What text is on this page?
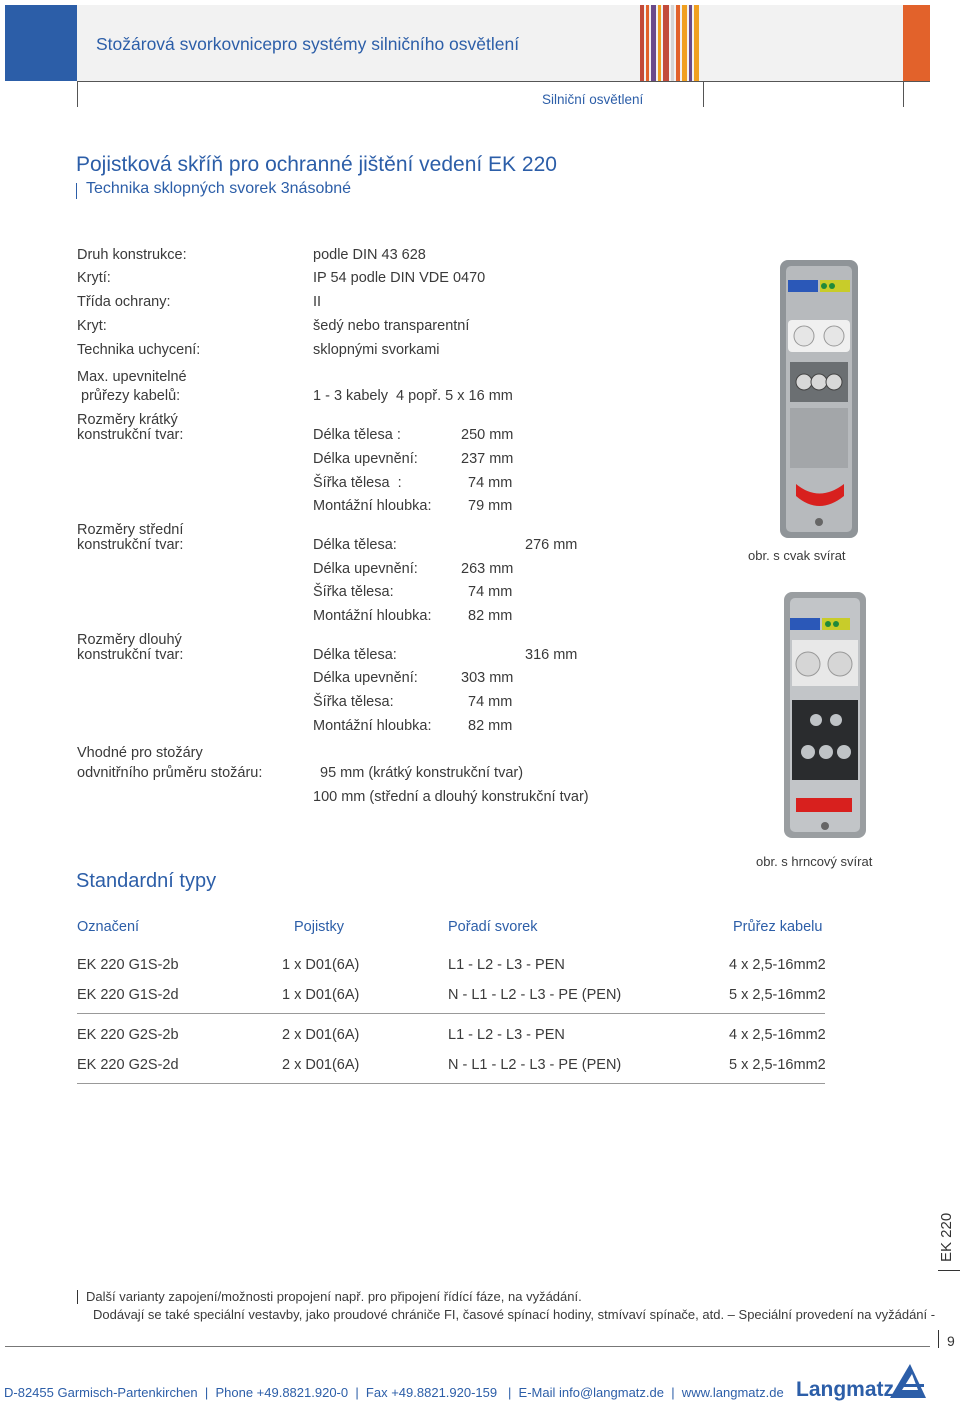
Stožárová svorkovnicepro systémy silničního osvětlení
Silniční osvětlení
Pojistková skříň pro ochranné jištění vedení EK 220
Technika sklopných svorek 3násobné
Druh konstrukce:	podle DIN 43 628
Krytí:	IP 54 podle DIN VDE 0470
Třída ochrany:	II
Kryt:	šedý nebo transparentní
Technika uchycení:	sklopnými svorkami
Max. upevnitelné
průřezy kabelů:	1 - 3 kabely  4 popř. 5 x 16 mm
Rozměry krátký
konstrukční tvar:	Délka tělesa :	250 mm
Délka upevnění:	237 mm
Šířka tělesa  :	74 mm
Montážní hloubka:	79 mm
Rozměry střední
konstrukční tvar:	Délka tělesa:	276 mm
Délka upevnění:	263 mm
Šířka tělesa:	74 mm
Montážní hloubka:	82 mm
Rozměry dlouhý
konstrukční tvar:	Délka tělesa:	316 mm
Délka upevnění:	303 mm
Šířka tělesa:	74 mm
Montážní hloubka:	82 mm
Vhodné pro stožáry
odvnitřního průměru stožáru:	95 mm (krátký konstrukční tvar)
100 mm (střední a dlouhý konstrukční tvar)
obr. s cvak svírat
obr. s hrncový svírat
Standardní typy
Označení	Pojistky	Pořadí svorek	Průřez kabelu
EK 220 G1S-2b	1 x D01(6A)	L1 - L2 - L3 - PEN	4 x 2,5-16mm2
EK 220 G1S-2d	1 x D01(6A)	N - L1 - L2 - L3 - PE (PEN)	5 x 2,5-16mm2
EK 220 G2S-2b	2 x D01(6A)	L1 - L2 - L3 - PEN	4 x 2,5-16mm2
EK 220 G2S-2d	2 x D01(6A)	N - L1 - L2 - L3 - PE (PEN)	5 x 2,5-16mm2
EK 220
Další varianty zapojení/možnosti propojení např. pro připojení řídící fáze, na vyžádání.
Dodávají se také speciální vestavby, jako proudové chrániče FI, časové spínací hodiny, stmívaví spínače, atd. – Speciální provedení na vyžádání -
9
D-82455 Garmisch-Partenkirchen  |  Phone +49.8821.920-0  |  Fax +49.8821.920-159   |  E-Mail info@langmatz.de  |  www.langmatz.de Langmatz
